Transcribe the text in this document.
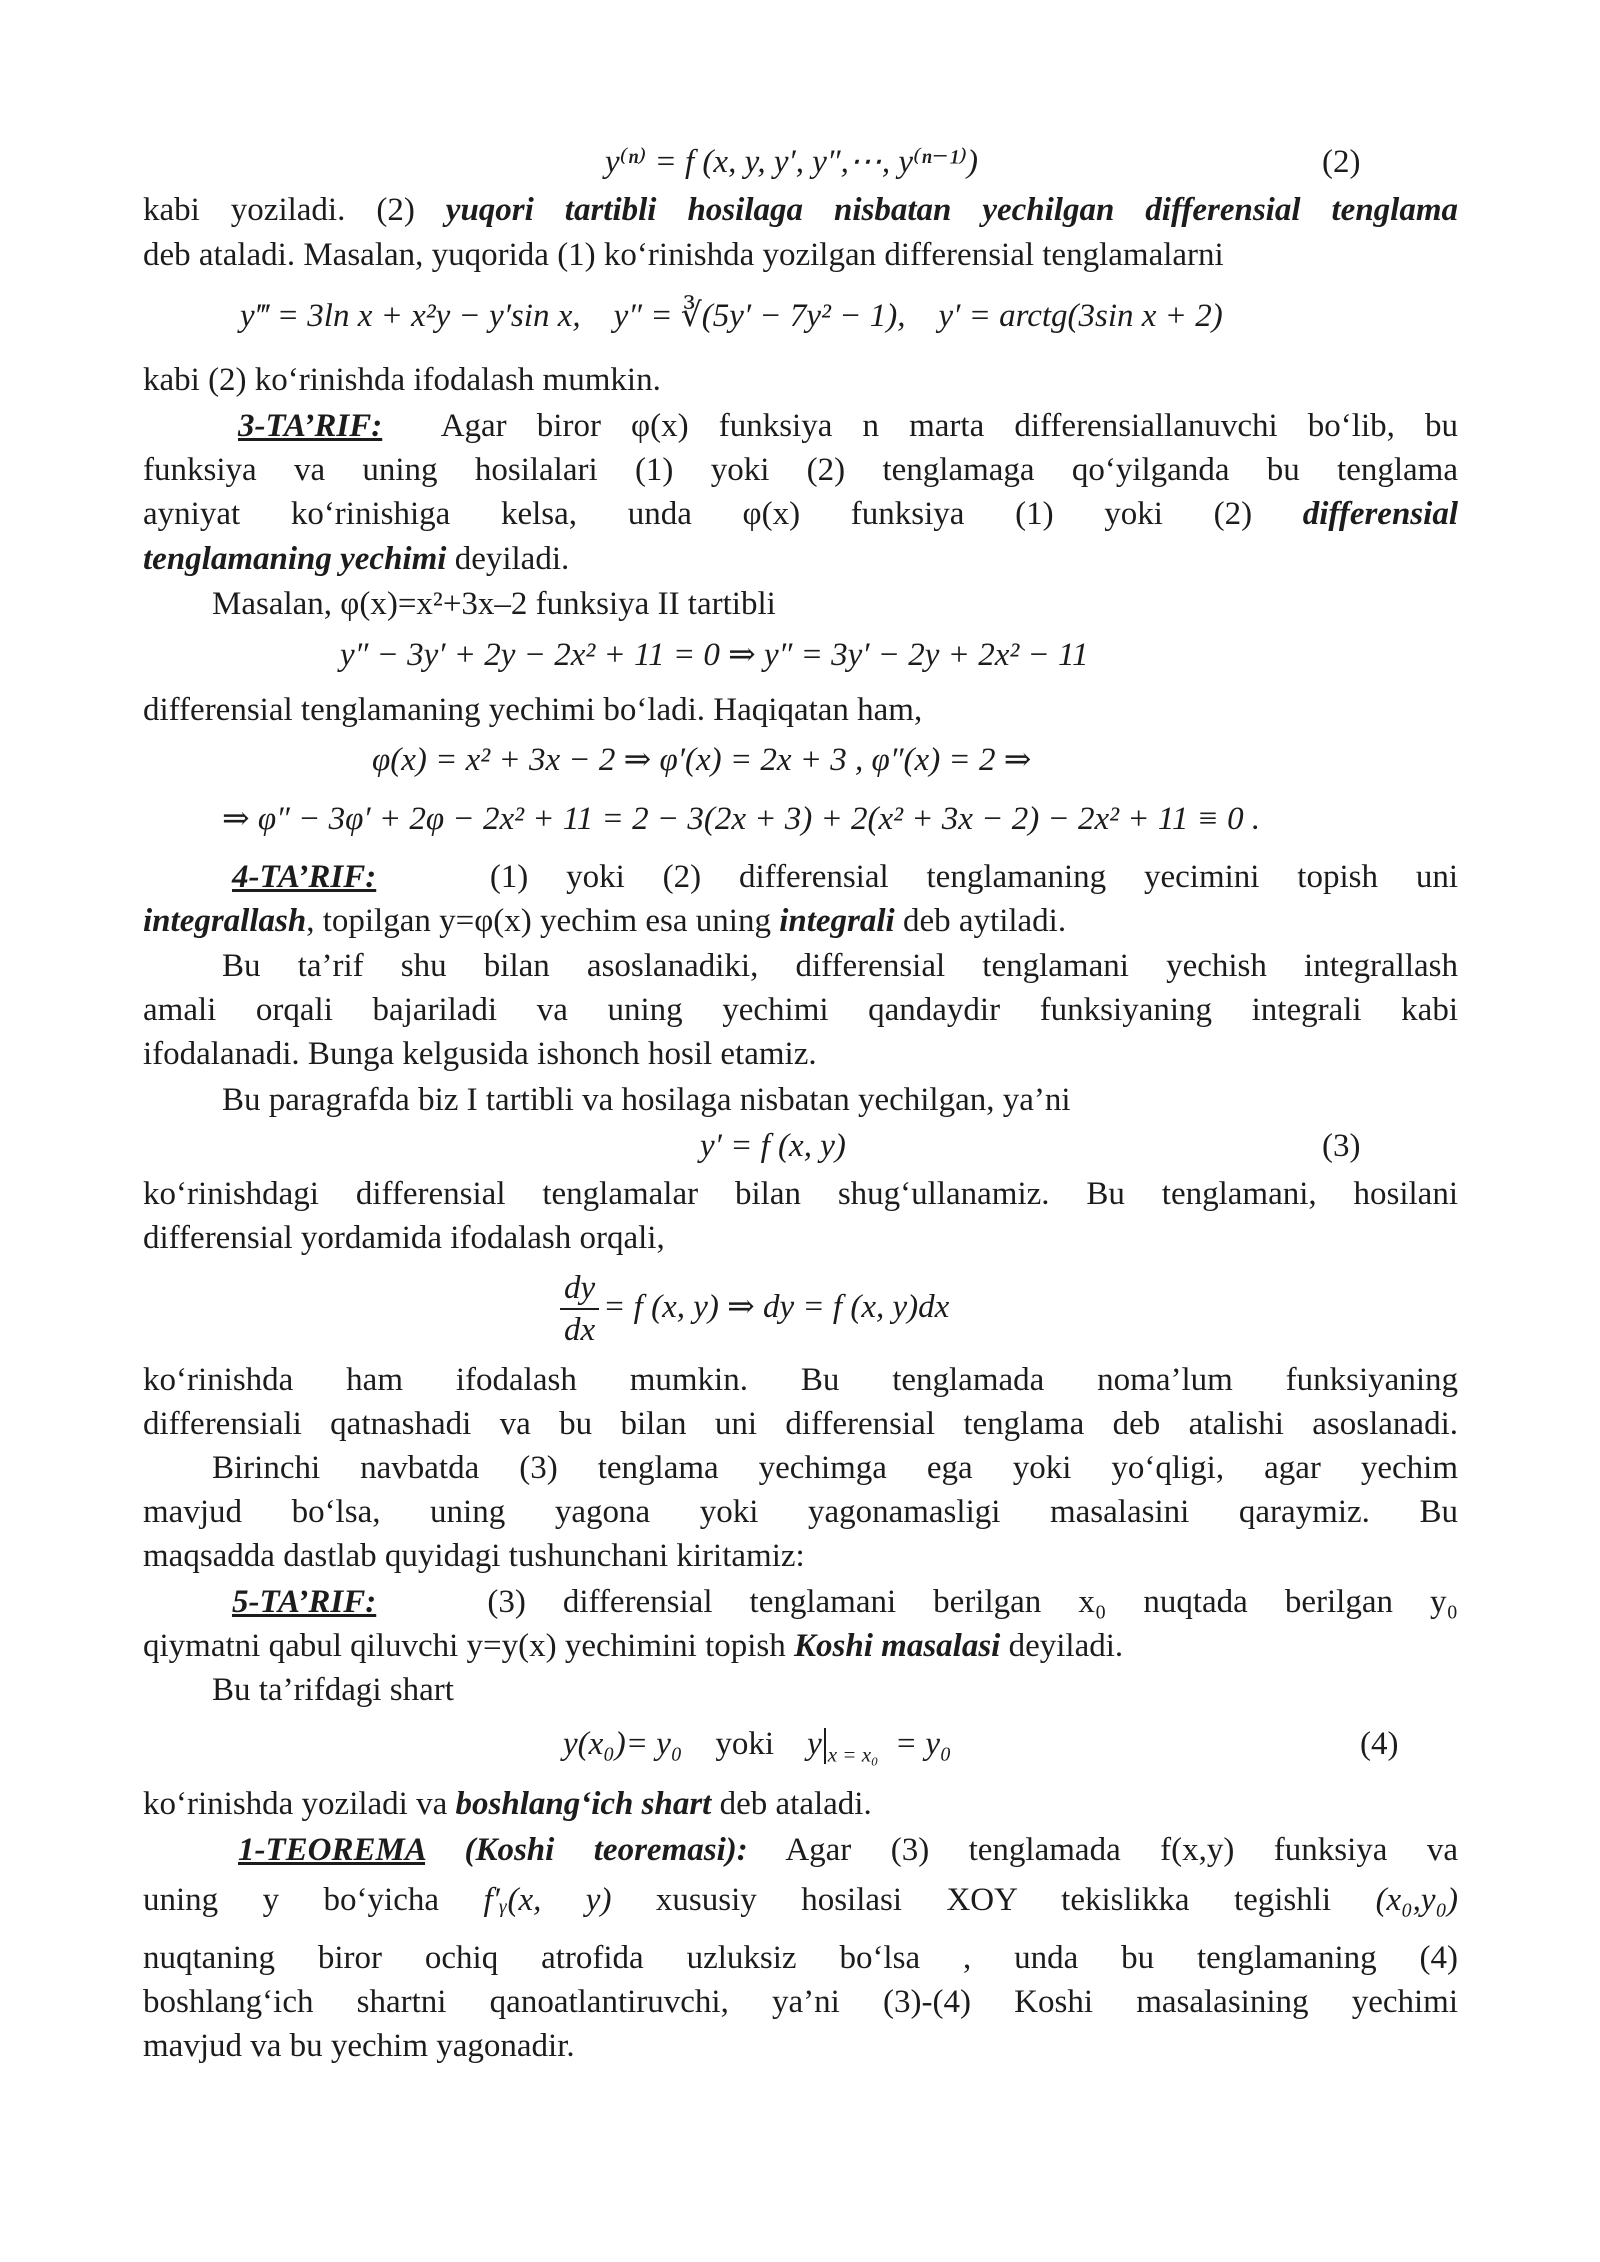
y⁽ⁿ⁾ = f (x, y, y′, y″,⋯, y⁽ⁿ⁻¹⁾)	(2)
kabi yoziladi. (2) yuqori tartibli hosilaga nisbatan yechilgan differensial tenglama
deb ataladi. Masalan, yuqorida (1) ko‘rinishda yozilgan differensial tenglamalarni
y‴ = 3ln x + x²y − y′sin x, y″ = ∛(5y′ − 7y² − 1), y′ = arctg(3sin x + 2)
kabi (2) ko‘rinishda ifodalash mumkin.
3-TA’RIF: Agar biror φ(x) funksiya n marta differensiallanuvchi bo‘lib, bu
funksiya va uning hosilalari (1) yoki (2) tenglamaga qo‘yilganda bu tenglama
ayniyat ko‘rinishiga kelsa, unda φ(x) funksiya (1) yoki (2) differensial
tenglamaning yechimi deyiladi.
Masalan, φ(x)=x²+3x–2 funksiya II tartibli
y″ − 3y′ + 2y − 2x² + 11 = 0 ⇒ y″ = 3y′ − 2y + 2x² − 11
differensial tenglamaning yechimi bo‘ladi. Haqiqatan ham,
φ(x) = x² + 3x − 2 ⇒ φ′(x) = 2x + 3 , φ″(x) = 2 ⇒
⇒ φ″ − 3φ′ + 2φ − 2x² + 11 = 2 − 3(2x + 3) + 2(x² + 3x − 2) − 2x² + 11 ≡ 0 .
4-TA’RIF:	(1) yoki (2) differensial tenglamaning yecimini topish uni
integrallash, topilgan y=φ(x) yechim esa uning integrali deb aytiladi.
Bu ta’rif shu bilan asoslanadiki, differensial tenglamani yechish integrallash
amali orqali bajariladi va uning yechimi qandaydir funksiyaning integrali kabi
ifodalanadi. Bunga kelgusida ishonch hosil etamiz.
Bu paragrafda biz I tartibli va hosilaga nisbatan yechilgan, ya’ni
y′ = f (x, y)	(3)
ko‘rinishdagi differensial tenglamalar bilan shug‘ullanamiz. Bu tenglamani, hosilani
differensial yordamida ifodalash orqali,
$\frac{dy}{dx} = f$ (x, y) ⇒ dy = f (x, y)dx
ko‘rinishda ham ifodalash mumkin. Bu tenglamada noma’lum funksiyaning
differensiali qatnashadi va bu bilan uni differensial tenglama deb atalishi asoslanadi.
Birinchi navbatda (3) tenglama yechimga ega yoki yo‘qligi, agar yechim
mavjud bo‘lsa, uning yagona yoki yagonamasligi masalasini qaraymiz. Bu
maqsadda dastlab quyidagi tushunchani kiritamiz:
5-TA’RIF:	(3) differensial tenglamani berilgan x₀ nuqtada berilgan y₀
qiymatni qabul qiluvchi y=y(x) yechimini topish Koshi masalasi deyiladi.
Bu ta’rifdagi shart
y(x₀)= y₀ yoki y $_{x = x_0}$ = y₀	(4)
ko‘rinishda yoziladi va boshlang‘ich shart deb ataladi.
1-TEOREMA (Koshi teoremasi): Agar (3) tenglamada f(x,y) funksiya va
uning y bo‘yicha f′ᵧ(x, y) xususiy hosilasi XOY tekislikka tegishli (x₀,y₀)
nuqtaning biror ochiq atrofida uzluksiz bo‘lsa , unda bu tenglamaning (4)
boshlang‘ich shartni qanoatlantiruvchi, ya’ni (3)-(4) Koshi masalasining yechimi
mavjud va bu yechim yagonadir.
